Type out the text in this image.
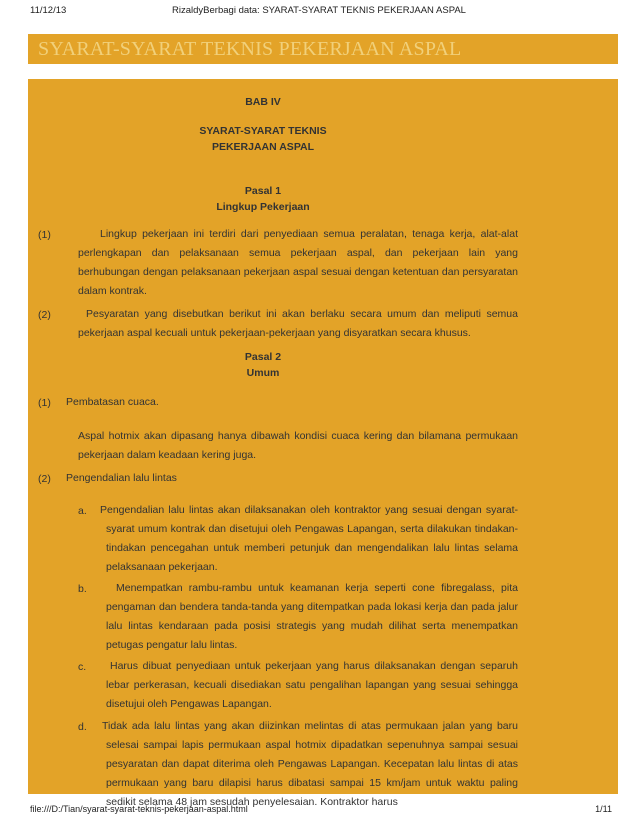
11/12/13	RizaldyBerbagi data: SYARAT-SYARAT TEKNIS PEKERJAAN ASPAL
SYARAT-SYARAT TEKNIS PEKERJAAN ASPAL
BAB IV
SYARAT-SYARAT TEKNIS
PEKERJAAN ASPAL
Pasal 1
Lingkup Pekerjaan
(1)	Lingkup pekerjaan ini terdiri dari penyediaan semua peralatan, tenaga kerja, alat-alat perlengkapan dan pelaksanaan semua pekerjaan aspal, dan pekerjaan lain yang berhubungan dengan pelaksanaan pekerjaan aspal sesuai dengan ketentuan dan persyaratan dalam kontrak.
(2)	Pesyaratan yang disebutkan berikut ini akan berlaku secara umum dan meliputi semua pekerjaan aspal kecuali untuk pekerjaan-pekerjaan yang disyaratkan secara khusus.
Pasal 2
Umum
(1) Pembatasan cuaca.
Aspal hotmix akan dipasang hanya dibawah kondisi cuaca kering dan bilamana permukaan pekerjaan dalam keadaan kering juga.
(2) Pengendalian lalu lintas
a. Pengendalian lalu lintas akan dilaksanakan oleh kontraktor yang sesuai dengan syarat-syarat umum kontrak dan disetujui oleh Pengawas Lapangan, serta dilakukan tindakan-tindakan pencegahan untuk memberi petunjuk dan mengendalikan lalu lintas selama pelaksanaan pekerjaan.
b.	Menempatkan rambu-rambu untuk keamanan kerja seperti cone fibregalass, pita pengaman dan bendera tanda-tanda yang ditempatkan pada lokasi kerja dan pada jalur lalu lintas kendaraan pada posisi strategis yang mudah dilihat serta menempatkan petugas pengatur lalu lintas.
c.	Harus dibuat penyediaan untuk pekerjaan yang harus dilaksanakan dengan separuh lebar perkerasan, kecuali disediakan satu pengalihan lapangan yang sesuai sehingga disetujui oleh Pengawas Lapangan.
d. Tidak ada lalu lintas yang akan diizinkan melintas di atas permukaan jalan yang baru selesai sampai lapis permukaan aspal hotmix dipadatkan sepenuhnya sampai sesuai pesyaratan dan dapat diterima oleh Pengawas Lapangan. Kecepatan lalu lintas di atas permukaan yang baru dilapisi harus dibatasi sampai 15 km/jam untuk waktu paling sedikit selama 48 jam sesudah penyelesaian. Kontraktor harus
file:///D:/Tian/syarat-syarat-teknis-pekerjaan-aspal.html	1/11
